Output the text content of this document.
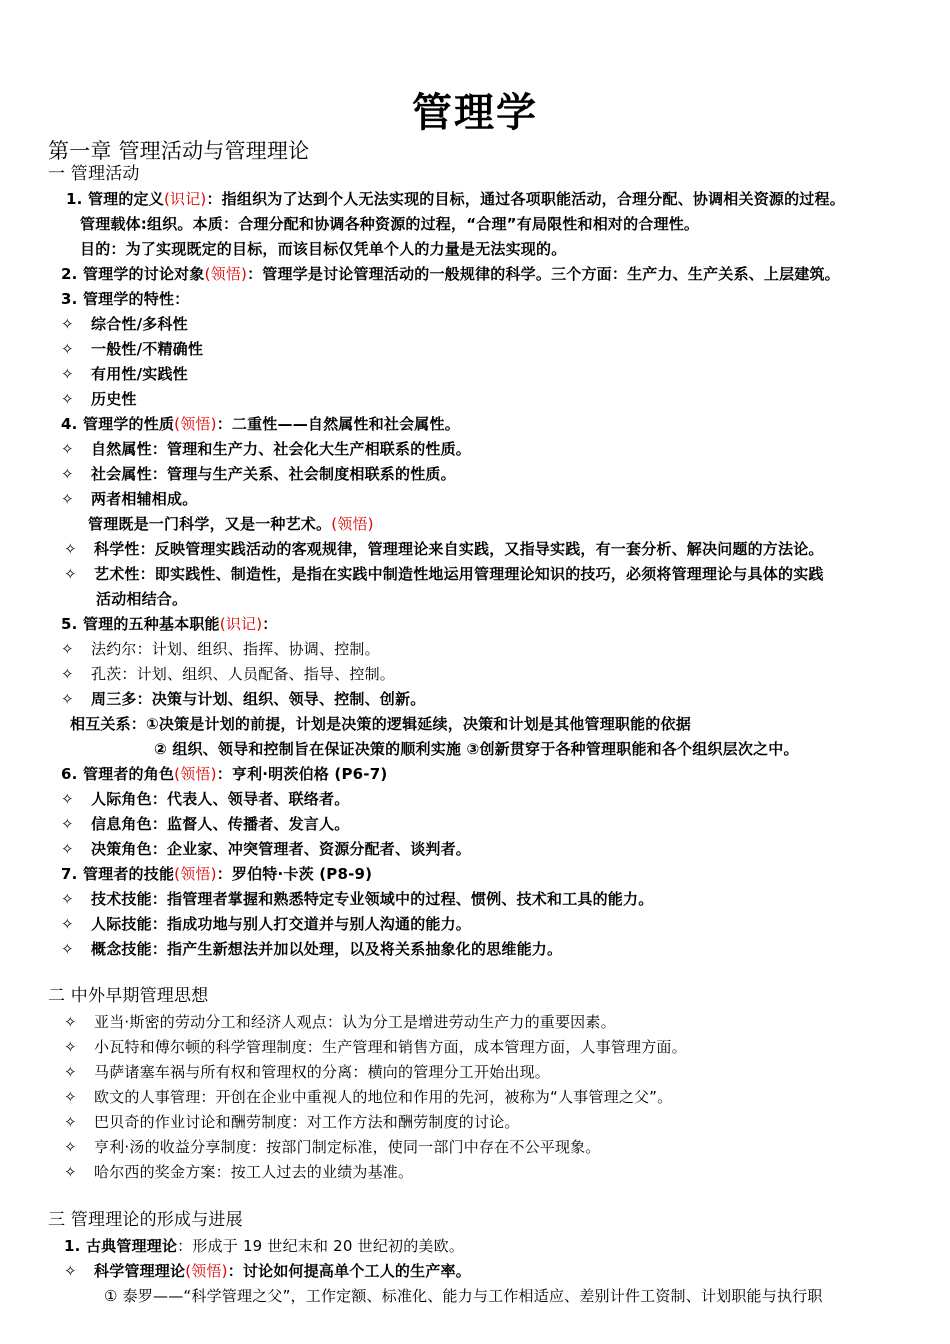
管理学
第一章 管理活动与管理理论
一 管理活动
1. 管理的定义(识记)：指组织为了达到个人无法实现的目标，通过各项职能活动，合理分配、协调相关资源的过程。
管理载体:组织。本质：合理分配和协调各种资源的过程，“合理”有局限性和相对的合理性。
目的：为了实现既定的目标，而该目标仅凭单个人的力量是无法实现的。
2. 管理学的讨论对象(领悟)：管理学是讨论管理活动的一般规律的科学。三个方面：生产力、生产关系、上层建筑。
3. 管理学的特性：
✧ 综合性/多科性
✧ 一般性/不精确性
✧ 有用性/实践性
✧ 历史性
4. 管理学的性质(领悟)：二重性——自然属性和社会属性。
✧ 自然属性：管理和生产力、社会化大生产相联系的性质。
✧ 社会属性：管理与生产关系、社会制度相联系的性质。
✧ 两者相辅相成。
管理既是一门科学，又是一种艺术。(领悟)
✧ 科学性：反映管理实践活动的客观规律，管理理论来自实践，又指导实践，有一套分析、解决问题的方法论。
✧ 艺术性：即实践性、制造性，是指在实践中制造性地运用管理理论知识的技巧，必须将管理理论与具体的实践
活动相结合。
5. 管理的五种基本职能(识记)：
✧ 法约尔：计划、组织、指挥、协调、控制。
✧ 孔茨：计划、组织、人员配备、指导、控制。
✧ 周三多：决策与计划、组织、领导、控制、创新。
相互关系：①决策是计划的前提，计划是决策的逻辑延续，决策和计划是其他管理职能的依据
② 组织、领导和控制旨在保证决策的顺利实施 ③创新贯穿于各种管理职能和各个组织层次之中。
6. 管理者的角色(领悟)：亨利·明茨伯格 (P6-7)
✧ 人际角色：代表人、领导者、联络者。
✧ 信息角色：监督人、传播者、发言人。
✧ 决策角色：企业家、冲突管理者、资源分配者、谈判者。
7. 管理者的技能(领悟)：罗伯特·卡茨 (P8-9)
✧ 技术技能：指管理者掌握和熟悉特定专业领域中的过程、惯例、技术和工具的能力。
✧ 人际技能：指成功地与别人打交道并与别人沟通的能力。
✧ 概念技能：指产生新想法并加以处理，以及将关系抽象化的思维能力。
二 中外早期管理思想
✧ 亚当·斯密的劳动分工和经济人观点：认为分工是增进劳动生产力的重要因素。
✧ 小瓦特和傅尔顿的科学管理制度：生产管理和销售方面，成本管理方面，人事管理方面。
✧ 马萨诸塞车祸与所有权和管理权的分离：横向的管理分工开始出现。
✧ 欧文的人事管理：开创在企业中重视人的地位和作用的先河，被称为“人事管理之父”。
✧ 巴贝奇的作业讨论和酬劳制度：对工作方法和酬劳制度的讨论。
✧ 亨利·汤的收益分享制度：按部门制定标准，使同一部门中存在不公平现象。
✧ 哈尔西的奖金方案：按工人过去的业绩为基准。
三 管理理论的形成与进展
1. 古典管理理论：形成于 19 世纪末和 20 世纪初的美欧。
✧ 科学管理理论(领悟)：讨论如何提高单个工人的生产率。
① 泰罗——“科学管理之父”，工作定额、标准化、能力与工作相适应、差别计件工资制、计划职能与执行职
